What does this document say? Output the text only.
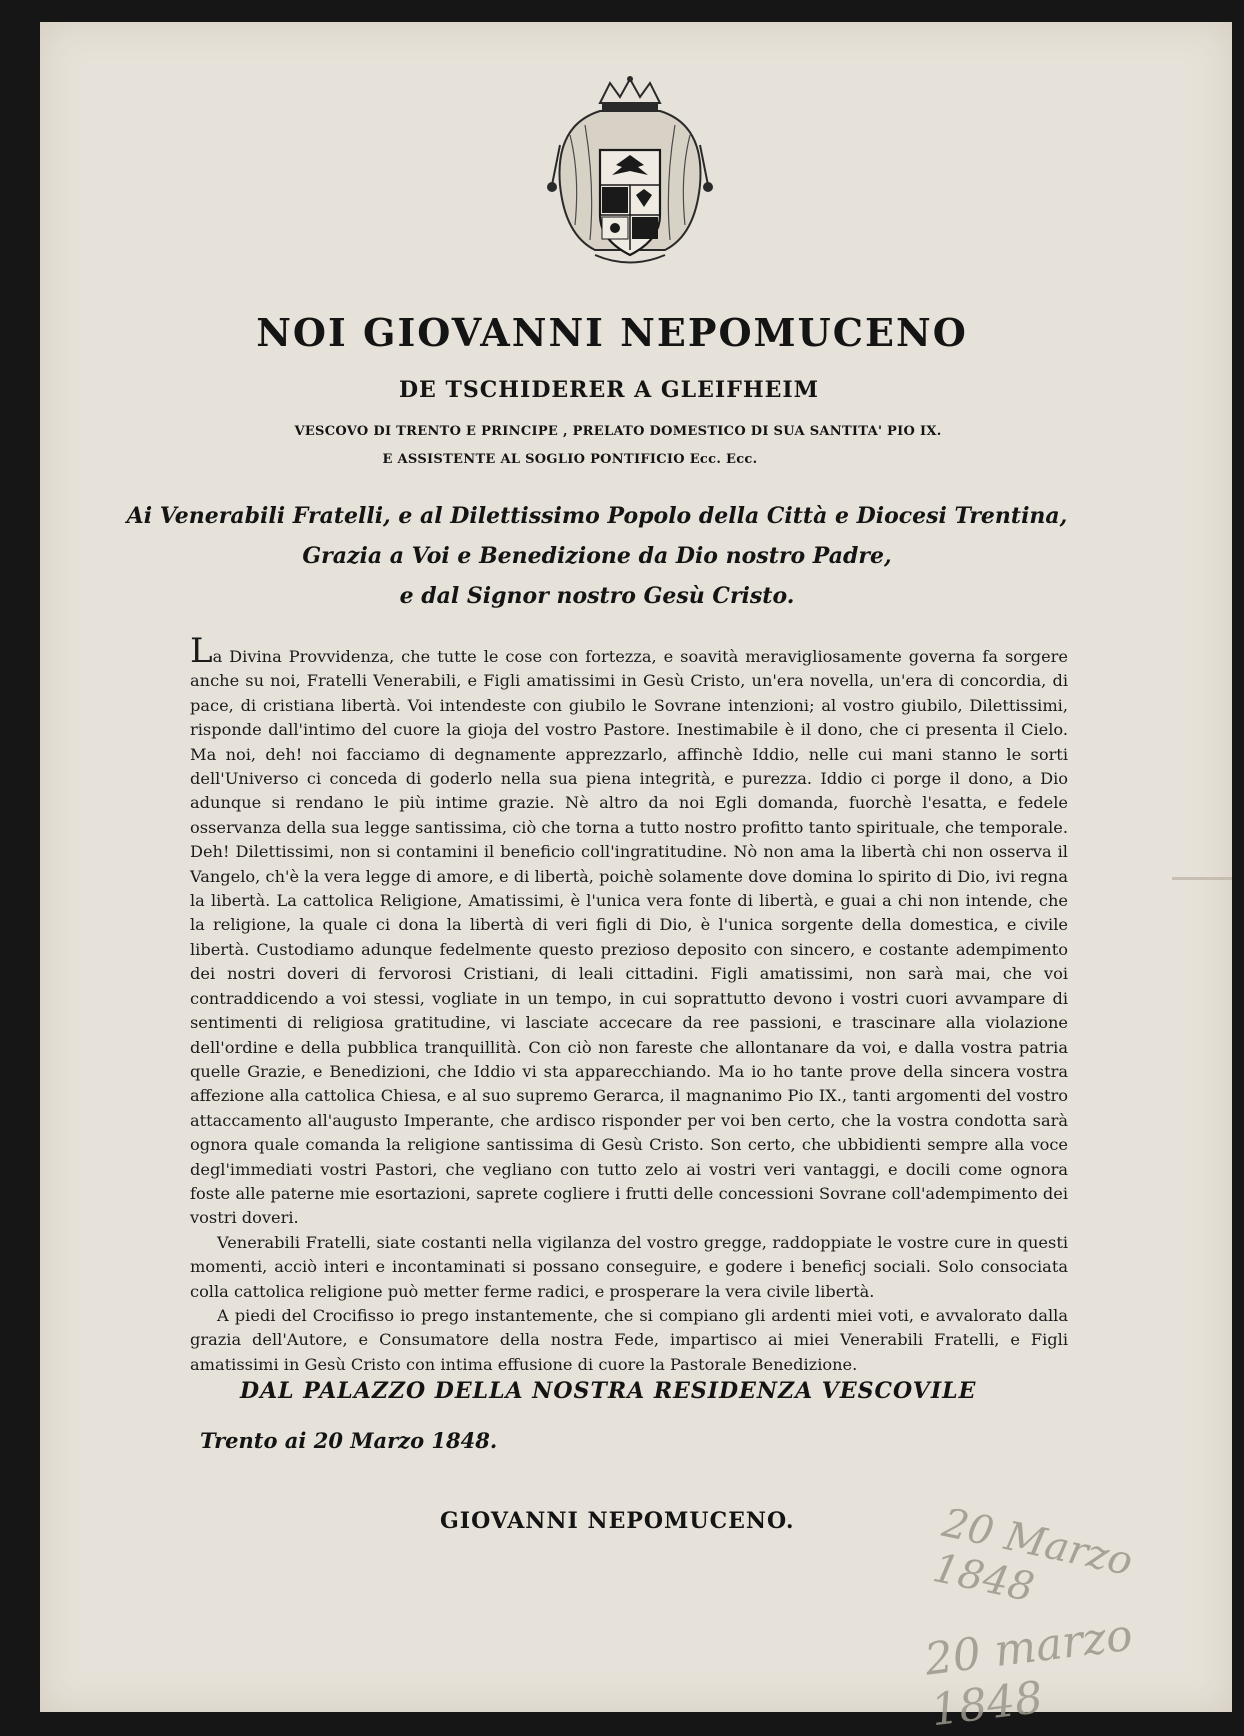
NOI GIOVANNI NEPOMUCENO
DE TSCHIDERER A GLEIFHEIM
VESCOVO DI TRENTO E PRINCIPE , PRELATO DOMESTICO DI SUA SANTITA' PIO IX.
E ASSISTENTE AL SOGLIO PONTIFICIO Ecc. Ecc.
Ai Venerabili Fratelli, e al Dilettissimo Popolo della Città e Diocesi Trentina,
Grazia a Voi e Benedizione da Dio nostro Padre,
e dal Signor nostro Gesù Cristo.

La Divina Provvidenza, che tutte le cose con fortezza, e soavità meravigliosamente governa fa sorgere anche su noi, Fratelli Venerabili, e Figli amatissimi in Gesù Cristo, un'era novella, un'era di concordia, di pace, di cristiana libertà. Voi intendeste con giubilo le Sovrane intenzioni; al vostro giubilo, Dilettissimi, risponde dall'intimo del cuore la gioja del vostro Pastore. Inestimabile è il dono, che ci presenta il Cielo. Ma noi, deh! noi facciamo di degnamente apprezzarlo, affinchè Iddio, nelle cui mani stanno le sorti dell'Universo ci conceda di goderlo nella sua piena integrità, e purezza. Iddio ci porge il dono, a Dio adunque si rendano le più intime grazie. Nè altro da noi Egli domanda, fuorchè l'esatta, e fedele osservanza della sua legge santissima, ciò che torna a tutto nostro profitto tanto spirituale, che temporale. Deh! Dilettissimi, non si contamini il beneficio coll'ingratitudine. Nò non ama la libertà chi non osserva il Vangelo, ch'è la vera legge di amore, e di libertà, poichè solamente dove domina lo spirito di Dio, ivi regna la libertà. La cattolica Religione, Amatissimi, è l'unica vera fonte di libertà, e guai a chi non intende, che la religione, la quale ci dona la libertà di veri figli di Dio, è l'unica sorgente della domestica, e civile libertà. Custodiamo adunque fedelmente questo prezioso deposito con sincero, e costante adempimento dei nostri doveri di fervorosi Cristiani, di leali cittadini. Figli amatissimi, non sarà mai, che voi contraddicendo a voi stessi, vogliate in un tempo, in cui soprattutto devono i vostri cuori avvampare di sentimenti di religiosa gratitudine, vi lasciate accecare da ree passioni, e trascinare alla violazione dell'ordine e della pubblica tranquillità. Con ciò non fareste che allontanare da voi, e dalla vostra patria quelle Grazie, e Benedizioni, che Iddio vi sta apparecchiando. Ma io ho tante prove della sincera vostra affezione alla cattolica Chiesa, e al suo supremo Gerarca, il magnanimo Pio IX., tanti argomenti del vostro attaccamento all'augusto Imperante, che ardisco risponder per voi ben certo, che la vostra condotta sarà ognora quale comanda la religione santissima di Gesù Cristo. Son certo, che ubbidienti sempre alla voce degl'immediati vostri Pastori, che vegliano con tutto zelo ai vostri veri vantaggi, e docili come ognora foste alle paterne mie esortazioni, saprete cogliere i frutti delle concessioni Sovrane coll'adempimento dei vostri doveri.

Venerabili Fratelli, siate costanti nella vigilanza del vostro gregge, raddoppiate le vostre cure in questi momenti, acciò interi e incontaminati si possano conseguire, e godere i beneficj sociali. Solo consociata colla cattolica religione può metter ferme radici, e prosperare la vera civile libertà.

A piedi del Crocifisso io prego instantemente, che si compiano gli ardenti miei voti, e avvalorato dalla grazia dell'Autore, e Consumatore della nostra Fede, impartisco ai miei Venerabili Fratelli, e Figli amatissimi in Gesù Cristo con intima effusione di cuore la Pastorale Benedizione.

DAL PALAZZO DELLA NOSTRA RESIDENZA VESCOVILE
Trento ai 20 Marzo 1848.
GIOVANNI NEPOMUCENO.	20 Marzo 1848
20 marzo 1848
